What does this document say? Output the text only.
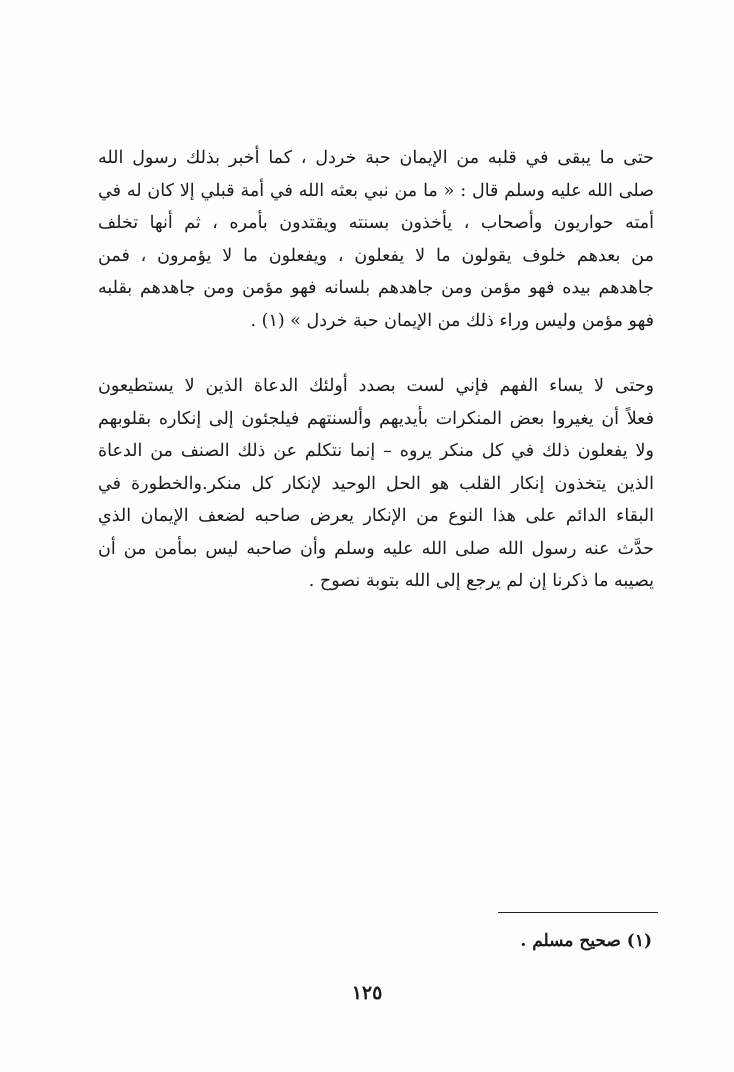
حتى ما يبقى في قلبه من الإيمان حبة خردل ، كما أخبر بذلك رسول الله
صلى الله عليه وسلم قال : « ما من نبي بعثه الله في أمة قبلي إلا كان له في
أمته حواريون وأصحاب ، يأخذون بسنته ويقتدون بأمره ، ثم أنها تخلف
من بعدهم خلوف يقولون ما لا يفعلون ، ويفعلون ما لا يؤمرون ، فمن
جاهدهم بيده فهو مؤمن ومن جاهدهم بلسانه فهو مؤمن ومن جاهدهم بقلبه
فهو مؤمن وليس وراء ذلك من الإيمان حبة خردل » (١) .
وحتى لا يساء الفهم فإني لست بصدد أولئك الدعاة الذين لا يستطيعون
فعلاً أن يغيروا بعض المنكرات بأيديهم وألسنتهم فيلجئون إلى إنكاره بقلوبهم
ولا يفعلون ذلك في كل منكر يروه – إنما نتكلم عن ذلك الصنف من الدعاة
الذين يتخذون إنكار القلب هو الحل الوحيد لإنكار كل منكر.والخطورة في
البقاء الدائم على هذا النوع من الإنكار يعرض صاحبه لضعف الإيمان الذي
حدَّث عنه رسول الله صلى الله عليه وسلم وأن صاحبه ليس بمأمن من أن
يصيبه ما ذكرنا إن لم يرجع إلى الله بتوبة نصوح .
(١) صحيح مسلم .
١٢٥
